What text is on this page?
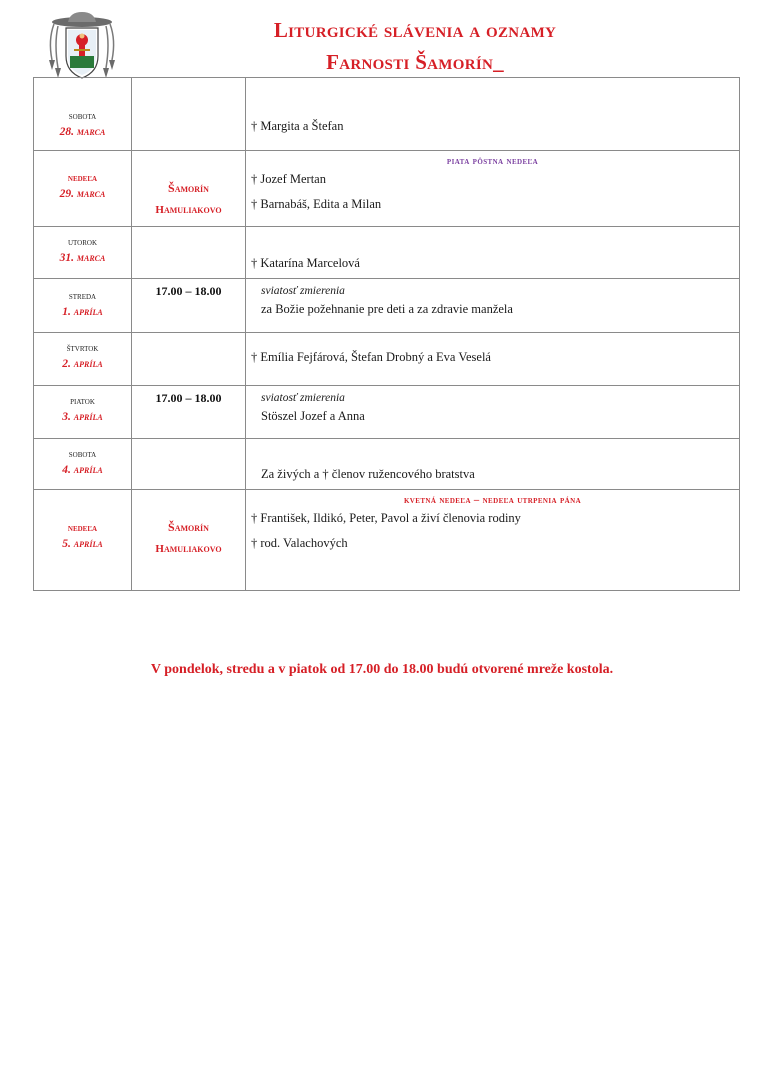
Liturgické slávenia a oznamy
Farnosti Šamorín_
sobota
28. marca		† Margita a Štefan

nedeľa
29. marca	Šamorín
Hamuliakovo	piata pôstna nedeľa
† Jozef Mertan
† Barnabáš, Edita a Milan

utorok
31. marca		† Katarína Marcelová

streda
1. apríla	17.00 – 18.00	sviatosť zmierenia
za Božie požehnanie pre deti a za zdravie manžela

štvrtok
2. apríla		† Emília Fejfárová, Štefan Drobný a Eva Veselá

piatok
3. apríla	17.00 – 18.00	sviatosť zmierenia
Stöszel Jozef a Anna

sobota
4. apríla		Za živých a † členov ružencového bratstva

nedeľa
5. apríla	Šamorín
Hamuliakovo	kvetná nedeľa – nedeľa utrpenia pána
† František, Ildikó, Peter, Pavol a živí členovia rodiny
† rod. Valachových
V pondelok, stredu a v piatok od 17.00 do 18.00 budú otvorené mreže kostola.
